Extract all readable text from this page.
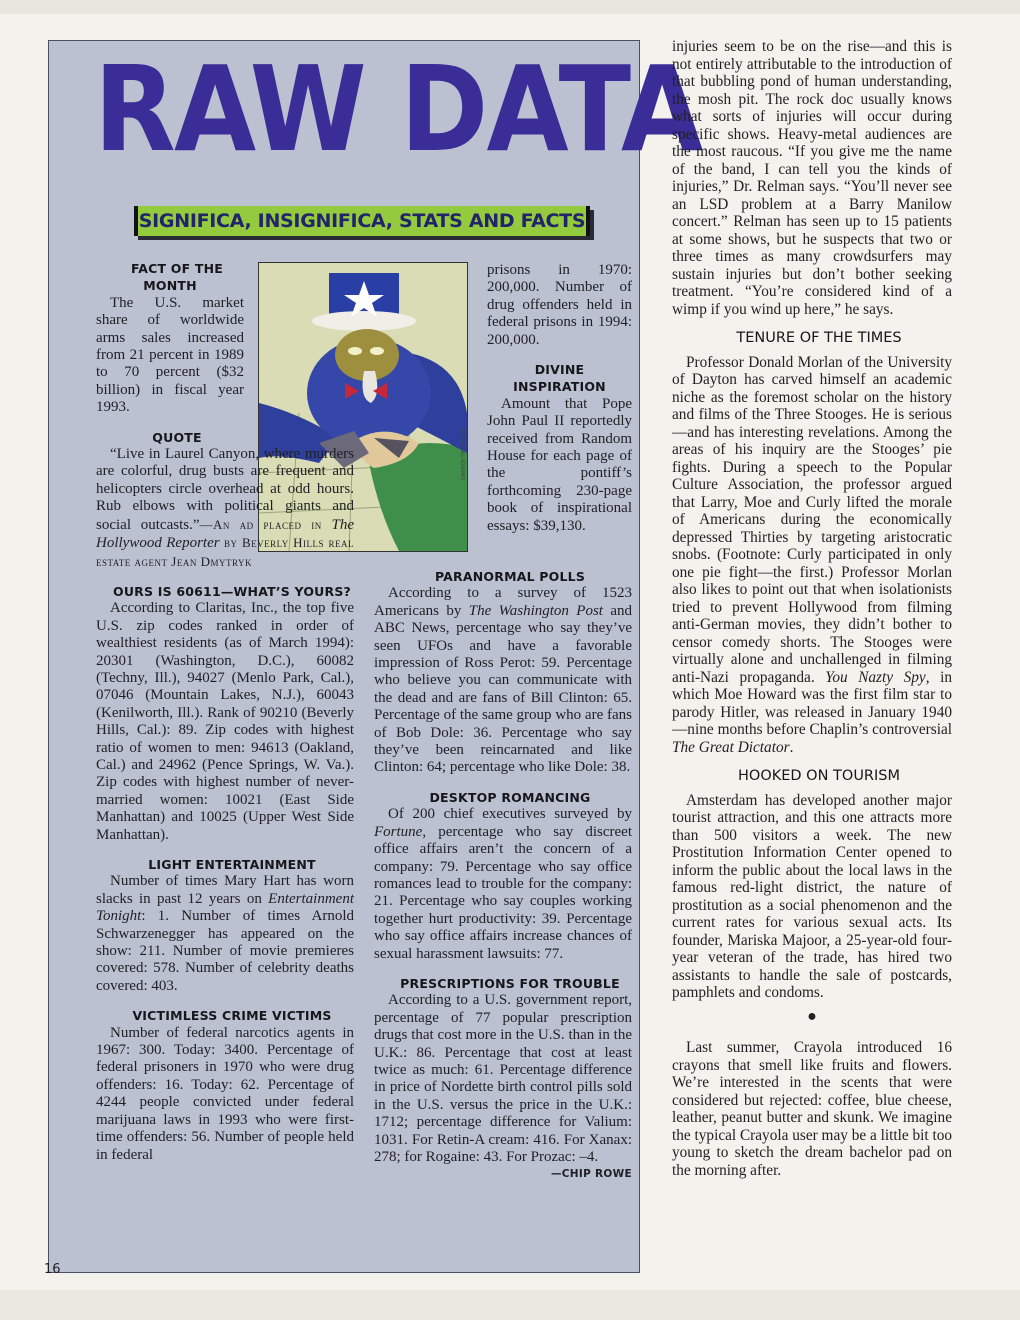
RAW DATA
SIGNIFICA, INSIGNIFICA, STATS AND FACTS
DARREN THOMPSON

FACT OF THE MONTH

The U.S. market share of worldwide arms sales increased from 21 percent in 1989 to 70 percent ($32 billion) in fiscal year 1993.

QUOTE

“Live in Laurel Canyon, where murders are colorful, drug busts are frequent and helicopters circle overhead at odd hours. Rub elbows with political giants and social outcasts.”—An ad placed in The Hollywood Reporter by Beverly Hills real estate agent Jean Dmytryk

OURS IS 60611—WHAT’S YOURS?

According to Claritas, Inc., the top five U.S. zip codes ranked in order of wealthiest residents (as of March 1994): 20301 (Washington, D.C.), 60082 (Techny, Ill.), 94027 (Menlo Park, Cal.), 07046 (Mountain Lakes, N.J.), 60043 (Kenilworth, Ill.). Rank of 90210 (Beverly Hills, Cal.): 89. Zip codes with highest ratio of women to men: 94613 (Oakland, Cal.) and 24962 (Pence Springs, W. Va.). Zip codes with highest number of never-married women: 10021 (East Side Manhattan) and 10025 (Upper West Side Manhattan).

LIGHT ENTERTAINMENT

Number of times Mary Hart has worn slacks in past 12 years on Entertainment Tonight: 1. Number of times Arnold Schwarzenegger has appeared on the show: 211. Number of movie premieres covered: 578. Number of celebrity deaths covered: 403.

VICTIMLESS CRIME VICTIMS

Number of federal narcotics agents in 1967: 300. Today: 3400. Percentage of federal prisoners in 1970 who were drug offenders: 16. Today: 62. Percentage of 4244 people convicted under federal marijuana laws in 1993 who were first-time offenders: 56. Number of people held in federal

prisons in 1970: 200,000. Number of drug offenders held in federal prisons in 1994: 200,000.

DIVINE INSPIRATION

Amount that Pope John Paul II reportedly received from Random House for each page of the pontiff’s forthcoming 230-page book of inspirational essays: $39,130.

PARANORMAL POLLS

According to a survey of 1523 Americans by The Washington Post and ABC News, percentage who say they’ve seen UFOs and have a favorable impression of Ross Perot: 59. Percentage who believe you can communicate with the dead and are fans of Bill Clinton: 65. Percentage of the same group who are fans of Bob Dole: 36. Percentage who say they’ve been reincarnated and like Clinton: 64; percentage who like Dole: 38.

DESKTOP ROMANCING

Of 200 chief executives surveyed by Fortune, percentage who say discreet office affairs aren’t the concern of a company: 79. Percentage who say office romances lead to trouble for the company: 21. Percentage who say couples working together hurt productivity: 39. Percentage who say office affairs increase chances of sexual harassment lawsuits: 77.

PRESCRIPTIONS FOR TROUBLE

According to a U.S. government report, percentage of 77 popular prescription drugs that cost more in the U.S. than in the U.K.: 86. Percentage that cost at least twice as much: 61. Percentage difference in price of Nordette birth control pills sold in the U.S. versus the price in the U.K.: 1712; percentage difference for Valium: 1031. For Retin-A cream: 416. For Xanax: 278; for Rogaine: 43. For Prozac: –4.
—CHIP ROWE

injuries seem to be on the rise—and this is not entirely attributable to the introduction of that bubbling pond of human understanding, the mosh pit. The rock doc usually knows what sorts of injuries will occur during specific shows. Heavy-metal audiences are the most raucous. “If you give me the name of the band, I can tell you the kinds of injuries,” Dr. Relman says. “You’ll never see an LSD problem at a Barry Manilow concert.” Relman has seen up to 15 patients at some shows, but he suspects that two or three times as many crowdsurfers may sustain injuries but don’t bother seeking treatment. “You’re considered kind of a wimp if you wind up here,” he says.

TENURE OF THE TIMES

Professor Donald Morlan of the University of Dayton has carved himself an academic niche as the foremost scholar on the history and films of the Three Stooges. He is serious—and has interesting revelations. Among the areas of his inquiry are the Stooges’ pie fights. During a speech to the Popular Culture Association, the professor argued that Larry, Moe and Curly lifted the morale of Americans during the economically depressed Thirties by targeting aristocratic snobs. (Footnote: Curly participated in only one pie fight—the first.) Professor Morlan also likes to point out that when isolationists tried to prevent Hollywood from filming anti-German movies, they didn’t bother to censor comedy shorts. The Stooges were virtually alone and unchallenged in filming anti-Nazi propaganda. You Nazty Spy, in which Moe Howard was the first film star to parody Hitler, was released in January 1940—nine months before Chaplin’s controversial The Great Dictator.

HOOKED ON TOURISM

Amsterdam has developed another major tourist attraction, and this one attracts more than 500 visitors a week. The new Prostitution Information Center opened to inform the public about the local laws in the famous red-light district, the nature of prostitution as a social phenomenon and the current rates for various sexual acts. Its founder, Mariska Majoor, a 25-year-old four-year veteran of the trade, has hired two assistants to handle the sale of postcards, pamphlets and condoms.

●

Last summer, Crayola introduced 16 crayons that smell like fruits and flowers. We’re interested in the scents that were considered but rejected: coffee, blue cheese, leather, peanut butter and skunk. We imagine the typical Crayola user may be a little bit too young to sketch the dream bachelor pad on the morning after.

16
